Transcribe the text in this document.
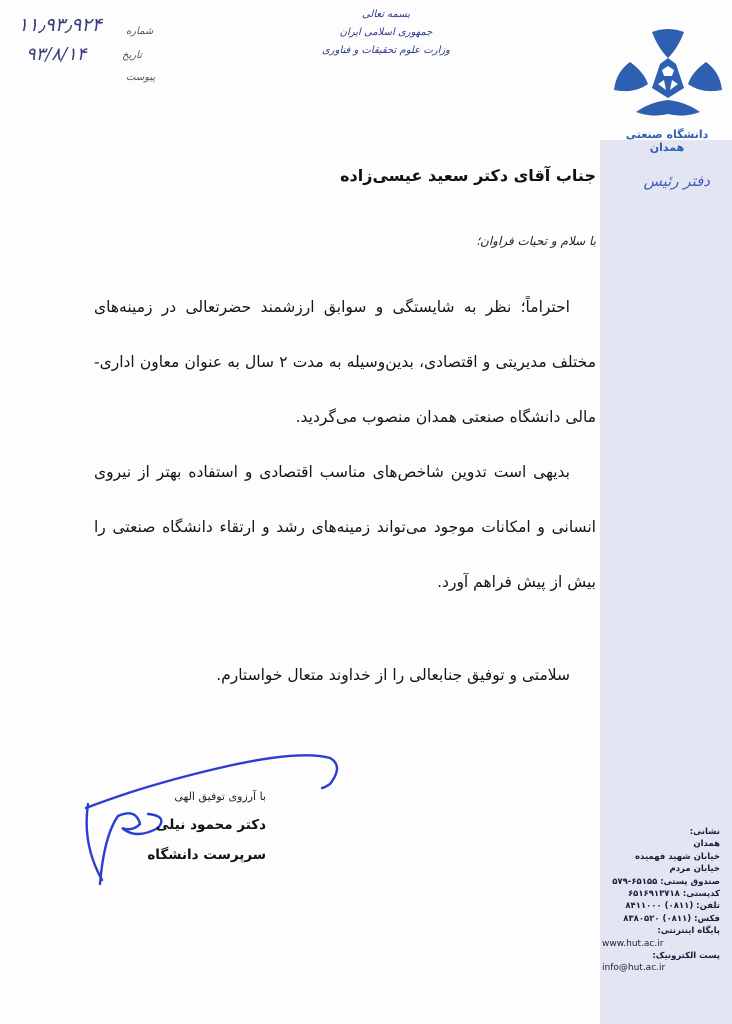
۱۱٫۹۳٫۹۲۴ شماره
۹۳/۸/۱۴	تاریخ
پیوست
بسمه تعالی
جمهوری اسلامی ایران
وزارت علوم تحقیقات و فناوری
دانشگاه صنعتی همدان
دفتر رئیس
جناب آقای دکتر سعید عیسی‌زاده
با سلام و تحیات فراوان؛

احتراماً؛ نظر به شایستگی و سوابق ارزشمند حضرتعالی در زمینه‌های مختلف مدیریتی و اقتصادی، بدین‌وسیله به مدت ۲ سال به عنوان معاون اداری- مالی دانشگاه صنعتی همدان منصوب می‌گردید.

بدیهی است تدوین شاخص‌های مناسب اقتصادی و استفاده بهتر از نیروی انسانی و امکانات موجود می‌تواند زمینه‌های رشد و ارتقاء دانشگاه صنعتی را بیش از پیش فراهم آورد.

سلامتی و توفیق جنابعالی را از خداوند متعال خواستارم.
با آرزوی توفیق الهی
دکتر محمود نیلی
سرپرست دانشگاه
نشانی:
همدان
خیابان شهید فهمیده
خیابان مردم
صندوق پستی: ۶۵۱۵۵-۵۷۹
کدپستی: ۶۵۱۶۹۱۳۷۱۸
تلفن: (۰۸۱۱) ۸۴۱۱۰۰۰
فکس: (۰۸۱۱) ۸۳۸۰۵۲۰
پایگاه اینترنتی:
www.hut.ac.ir
پست الکترونیک:
info@hut.ac.ir
